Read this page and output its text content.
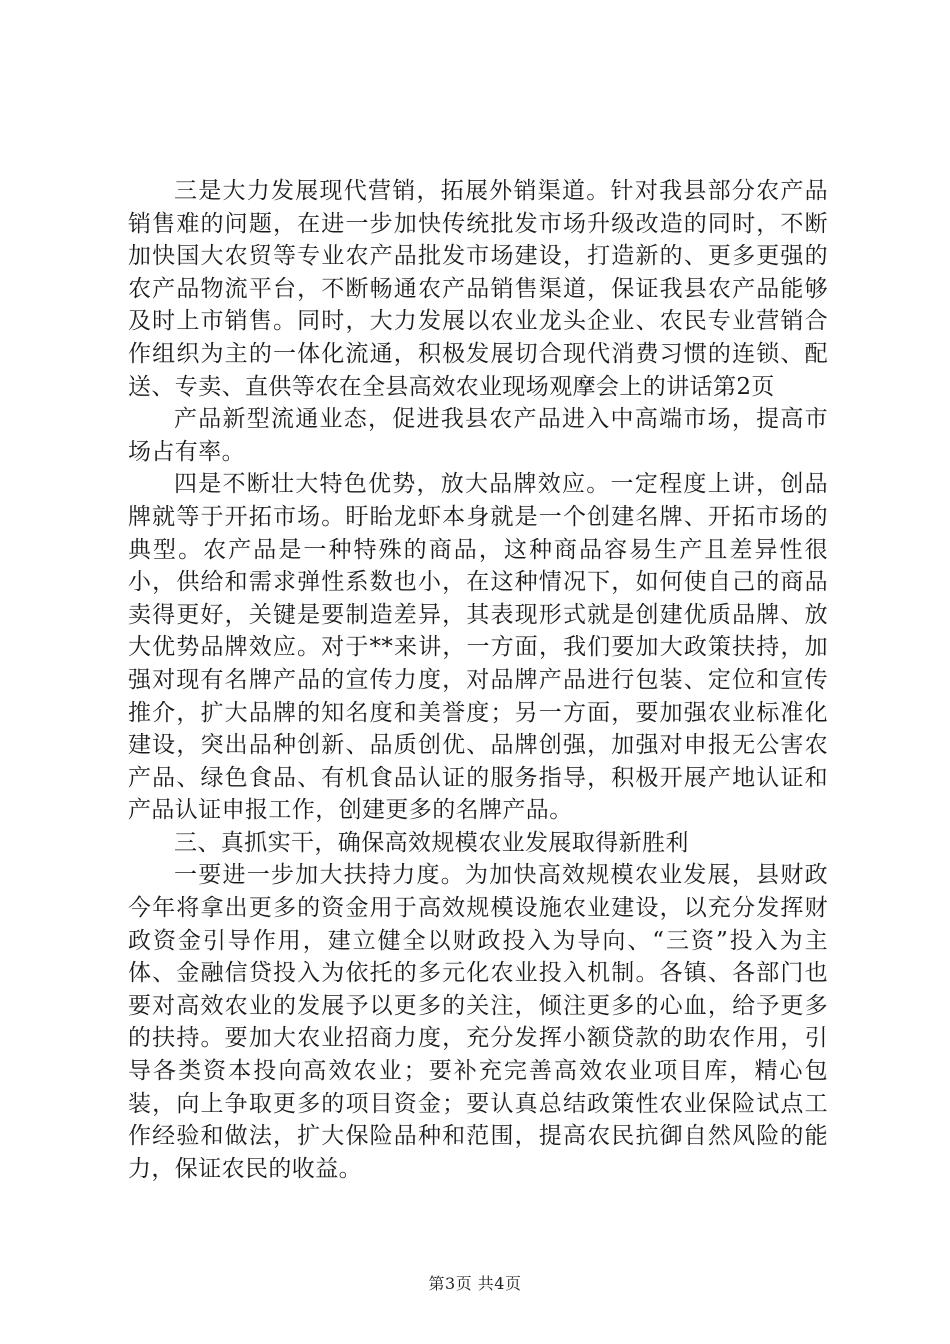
三是大力发展现代营销，拓展外销渠道。针对我县部分农产品销售难的问题，在进一步加快传统批发市场升级改造的同时，不断加快国大农贸等专业农产品批发市场建设，打造新的、更多更强的农产品物流平台，不断畅通农产品销售渠道，保证我县农产品能够及时上市销售。同时，大力发展以农业龙头企业、农民专业营销合作组织为主的一体化流通，积极发展切合现代消费习惯的连锁、配送、专卖、直供等农在全县高效农业现场观摩会上的讲话第2页

产品新型流通业态，促进我县农产品进入中高端市场，提高市场占有率。

四是不断壮大特色优势，放大品牌效应。一定程度上讲，创品牌就等于开拓市场。盱眙龙虾本身就是一个创建名牌、开拓市场的典型。农产品是一种特殊的商品，这种商品容易生产且差异性很小，供给和需求弹性系数也小，在这种情况下，如何使自己的商品卖得更好，关键是要制造差异，其表现形式就是创建优质品牌、放大优势品牌效应。对于**来讲，一方面，我们要加大政策扶持，加强对现有名牌产品的宣传力度，对品牌产品进行包装、定位和宣传推介，扩大品牌的知名度和美誉度；另一方面，要加强农业标准化建设，突出品种创新、品质创优、品牌创强，加强对申报无公害农产品、绿色食品、有机食品认证的服务指导，积极开展产地认证和产品认证申报工作，创建更多的名牌产品。

三、真抓实干，确保高效规模农业发展取得新胜利

一要进一步加大扶持力度。为加快高效规模农业发展，县财政今年将拿出更多的资金用于高效规模设施农业建设，以充分发挥财政资金引导作用，建立健全以财政投入为导向、“三资”投入为主体、金融信贷投入为依托的多元化农业投入机制。各镇、各部门也要对高效农业的发展予以更多的关注，倾注更多的心血，给予更多的扶持。要加大农业招商力度，充分发挥小额贷款的助农作用，引导各类资本投向高效农业；要补充完善高效农业项目库，精心包装，向上争取更多的项目资金；要认真总结政策性农业保险试点工作经验和做法，扩大保险品种和范围，提高农民抗御自然风险的能力，保证农民的收益。

第3页 共4页
